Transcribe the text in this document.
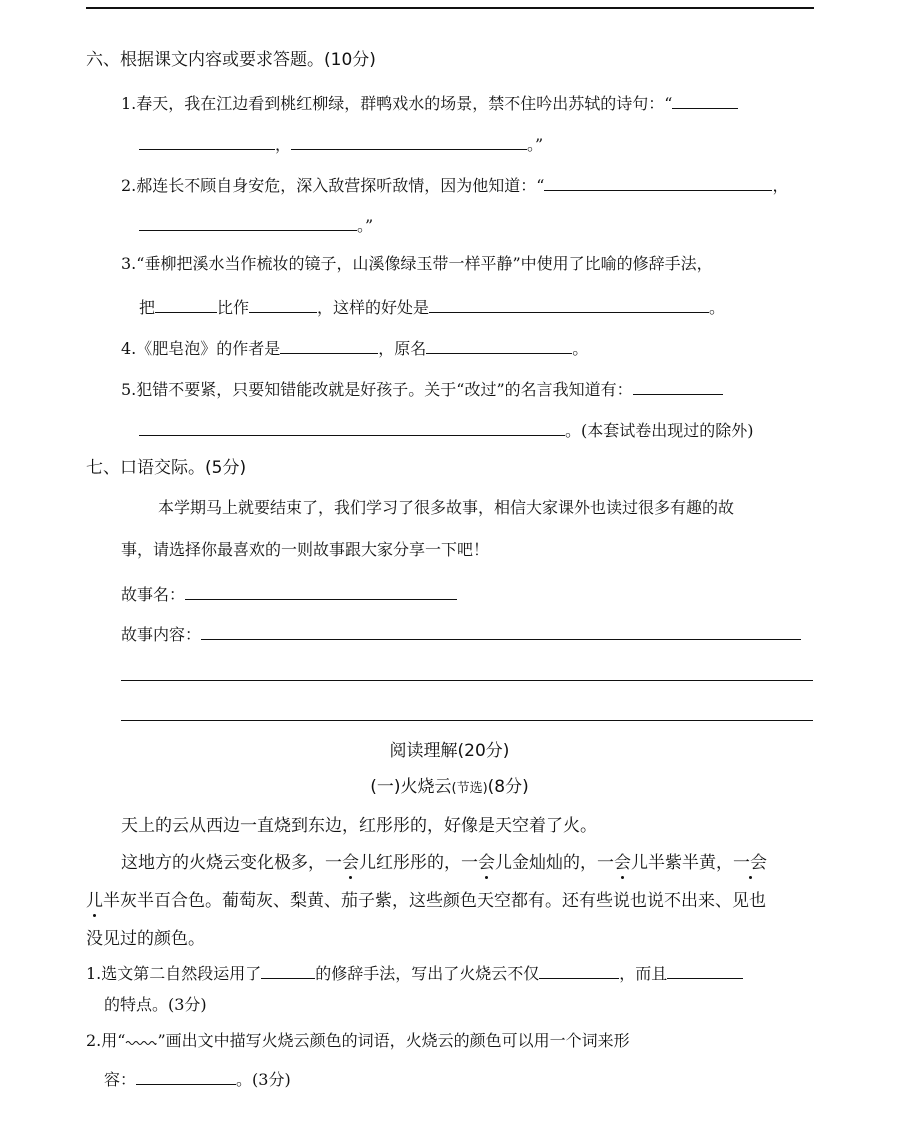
六、根据课文内容或要求答题。(10分)
1.春天，我在江边看到桃红柳绿，群鸭戏水的场景，禁不住吟出苏轼的诗句：“
，	。”
2.郝连长不顾自身安危，深入敌营探听敌情，因为他知道：“	，
。”
3.“垂柳把溪水当作梳妆的镜子，山溪像绿玉带一样平静”中使用了比喻的修辞手法，
把	比作	，这样的好处是	。
4.《肥皂泡》的作者是	，原名	。
5.犯错不要紧，只要知错能改就是好孩子。关于“改过”的名言我知道有：
。(本套试卷出现过的除外)
七、口语交际。(5分)
本学期马上就要结束了，我们学习了很多故事，相信大家课外也读过很多有趣的故
事，请选择你最喜欢的一则故事跟大家分享一下吧！
故事名：
故事内容：
阅读理解(20分)
(一)火烧云(节选)(8分)
天上的云从西边一直烧到东边，红彤彤的，好像是天空着了火。
这地方的火烧云变化极多，一会儿红彤彤的，一会儿金灿灿的，一会儿半紫半黄，一会
儿半灰半百合色。葡萄灰、梨黄、茄子紫，这些颜色天空都有。还有些说也说不出来、见也
没见过的颜色。
1.选文第二自然段运用了	的修辞手法，写出了火烧云不仅	，而且
的特点。(3分)
2.用“ ”画出文中描写火烧云颜色的词语，火烧云的颜色可以用一个词来形
容：	。(3分)
